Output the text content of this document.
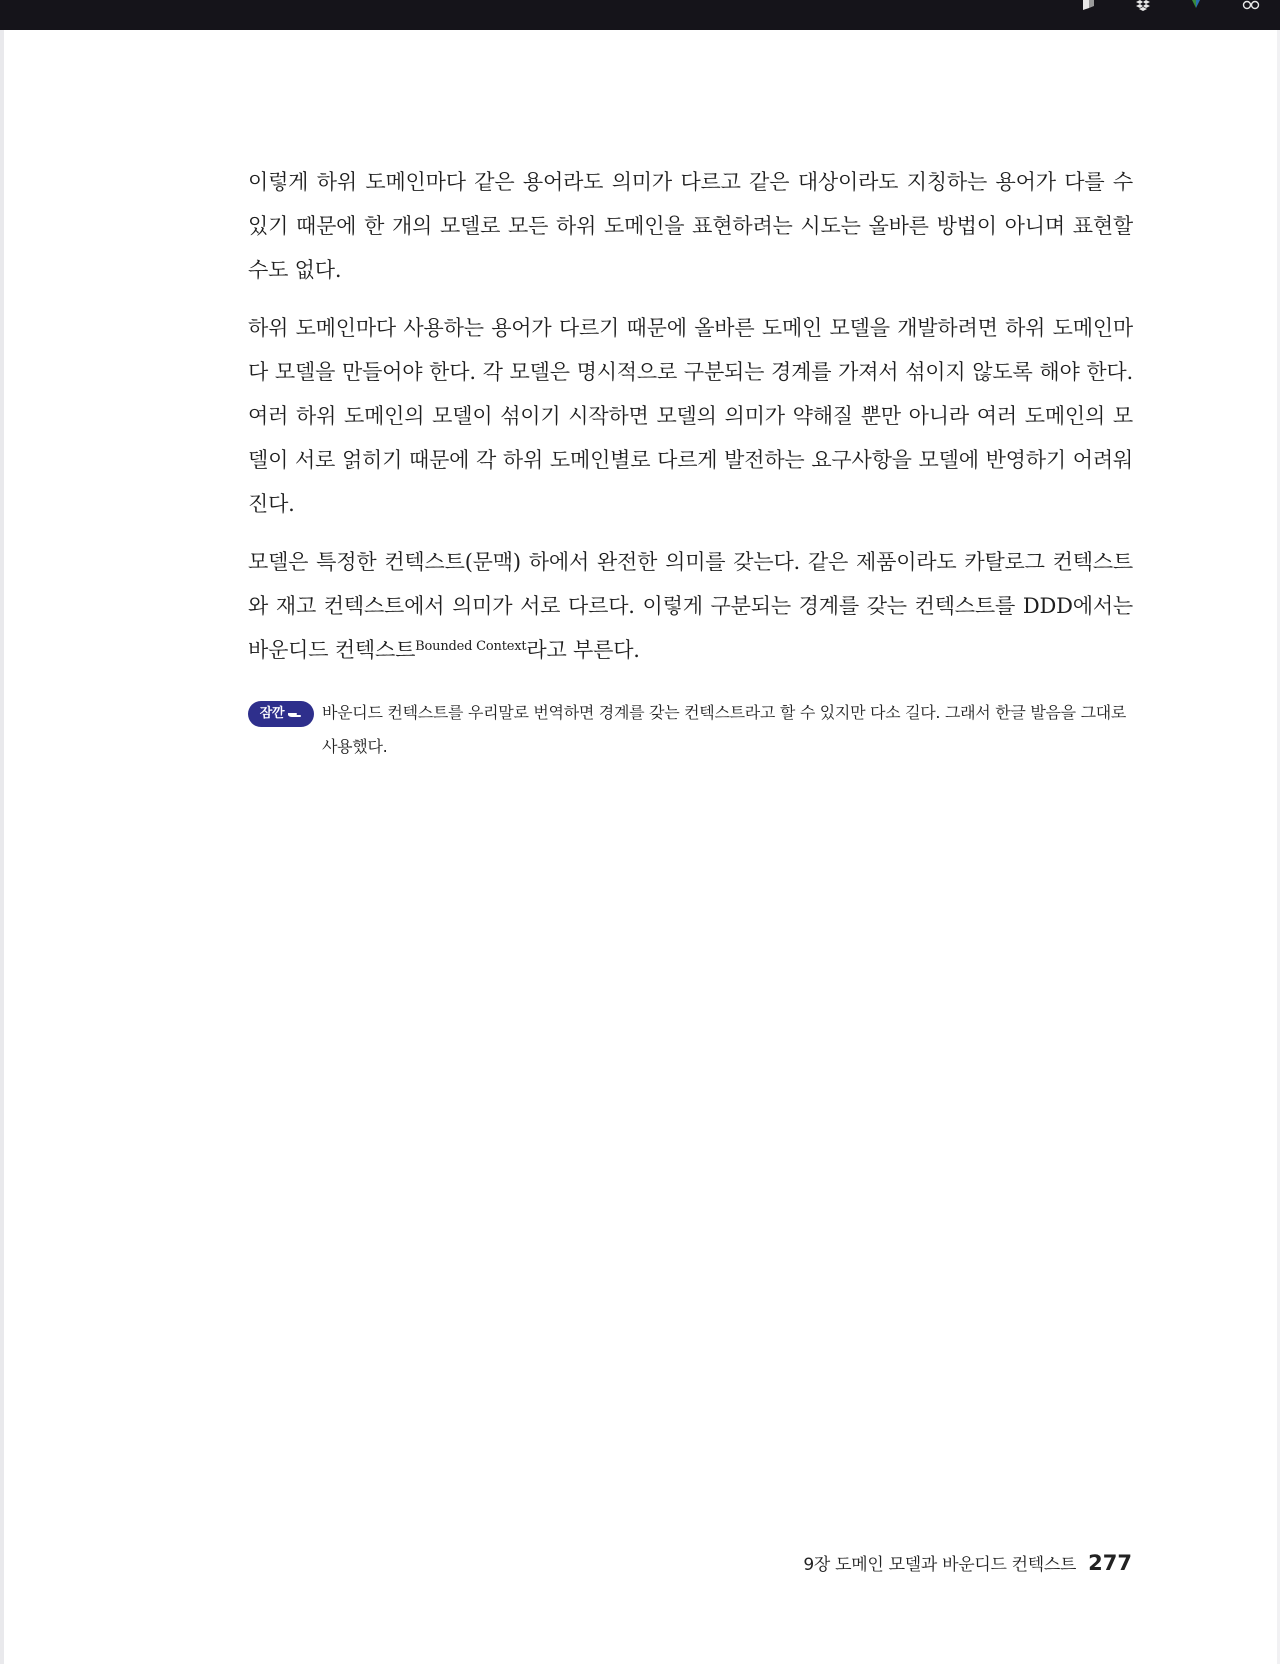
이렇게 하위 도메인마다 같은 용어라도 의미가 다르고 같은 대상이라도 지칭하는 용어가 다를 수 있기 때문에 한 개의 모델로 모든 하위 도메인을 표현하려는 시도는 올바른 방법이 아니며 표현할 수도 없다.

하위 도메인마다 사용하는 용어가 다르기 때문에 올바른 도메인 모델을 개발하려면 하위 도메인마다 모델을 만들어야 한다. 각 모델은 명시적으로 구분되는 경계를 가져서 섞이지 않도록 해야 한다. 여러 하위 도메인의 모델이 섞이기 시작하면 모델의 의미가 약해질 뿐만 아니라 여러 도메인의 모델이 서로 얽히기 때문에 각 하위 도메인별로 다르게 발전하는 요구사항을 모델에 반영하기 어려워진다.

모델은 특정한 컨텍스트(문맥) 하에서 완전한 의미를 갖는다. 같은 제품이라도 카탈로그 컨텍스트와 재고 컨텍스트에서 의미가 서로 다르다. 이렇게 구분되는 경계를 갖는 컨텍스트를 DDD에서는 바운디드 컨텍스트$^{Bounded Context}$라고 부른다.

잠깐 바운디드 컨텍스트를 우리말로 번역하면 경계를 갖는 컨텍스트라고 할 수 있지만 다소 길다. 그래서 한글 발음을 그대로 사용했다.
9장 도메인 모델과 바운디드 컨텍스트 277
